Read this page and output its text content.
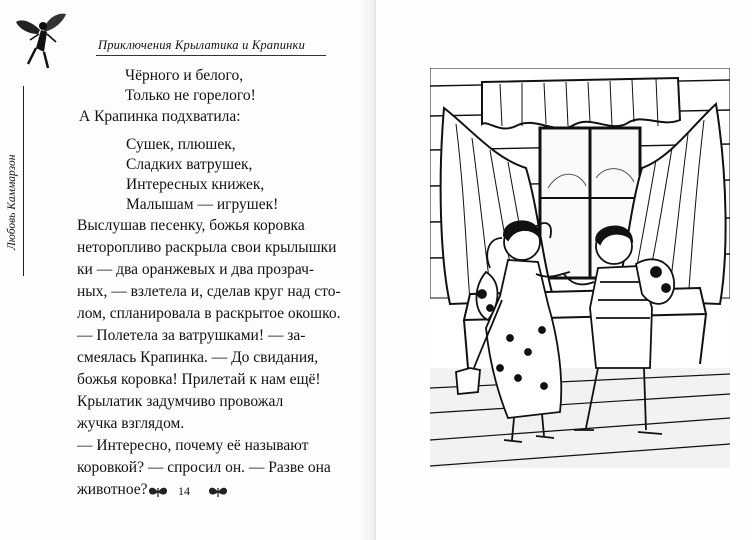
Приключения Крылатика и Крапинки
Любовь Каммарзон
Чёрного и белого,
Только не горелого!
А Крапинка подхватила:
Сушек, плюшек,
Сладких ватрушек,
Интересных книжек,
Малышам — игрушек!
Выслушав песенку, божья коровка
неторопливо раскрыла свои крылышки
ки — два оранжевых и два прозрач-
ных, — взлетела и, сделав круг над сто-
лом, спланировала в раскрытое окошко.
— Полетела за ватрушками! — за-
смеялась Крапинка. — До свидания,
божья коровка! Прилетай к нам ещё!
Крылатик задумчиво провожал
жучка взглядом.
— Интересно, почему её называют
коровкой? — спросил он. — Разве она
животное?	14
